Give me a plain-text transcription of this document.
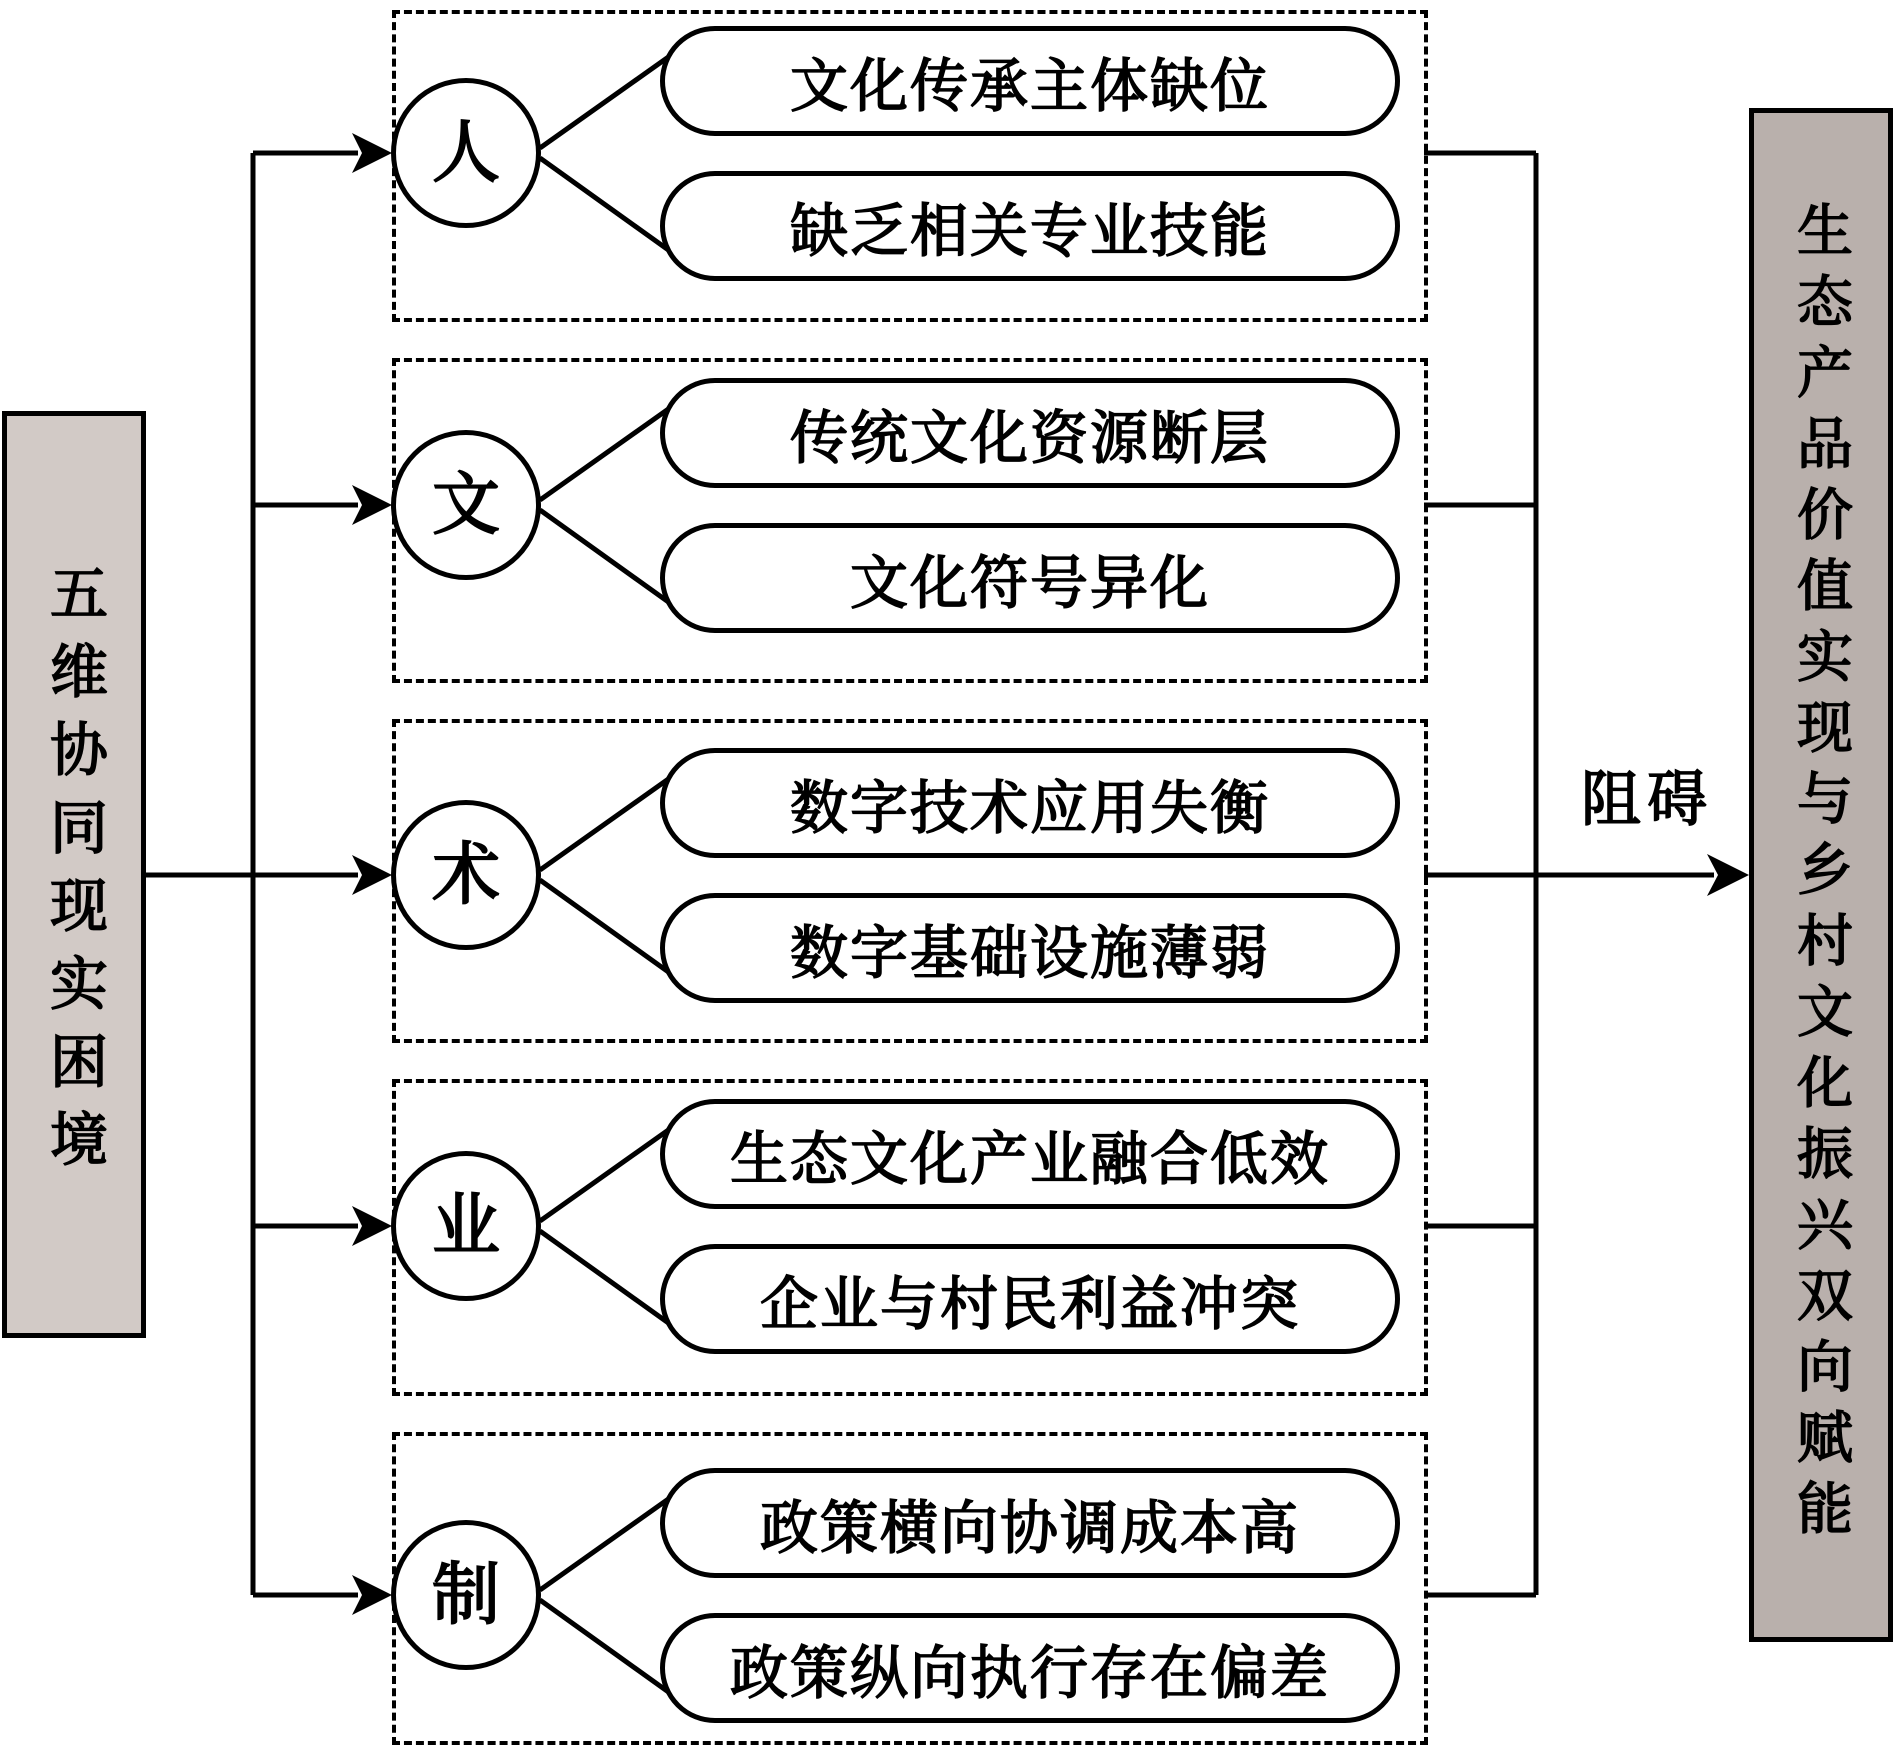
五维协同现实困境	生态产品价值实现与乡村文化振兴双向赋能
阻碍
人
文
术
业
制
文化传承主体缺位
缺乏相关专业技能
传统文化资源断层
文化符号异化
数字技术应用失衡
数字基础设施薄弱
生态文化产业融合低效
企业与村民利益冲突
政策横向协调成本高
政策纵向执行存在偏差
